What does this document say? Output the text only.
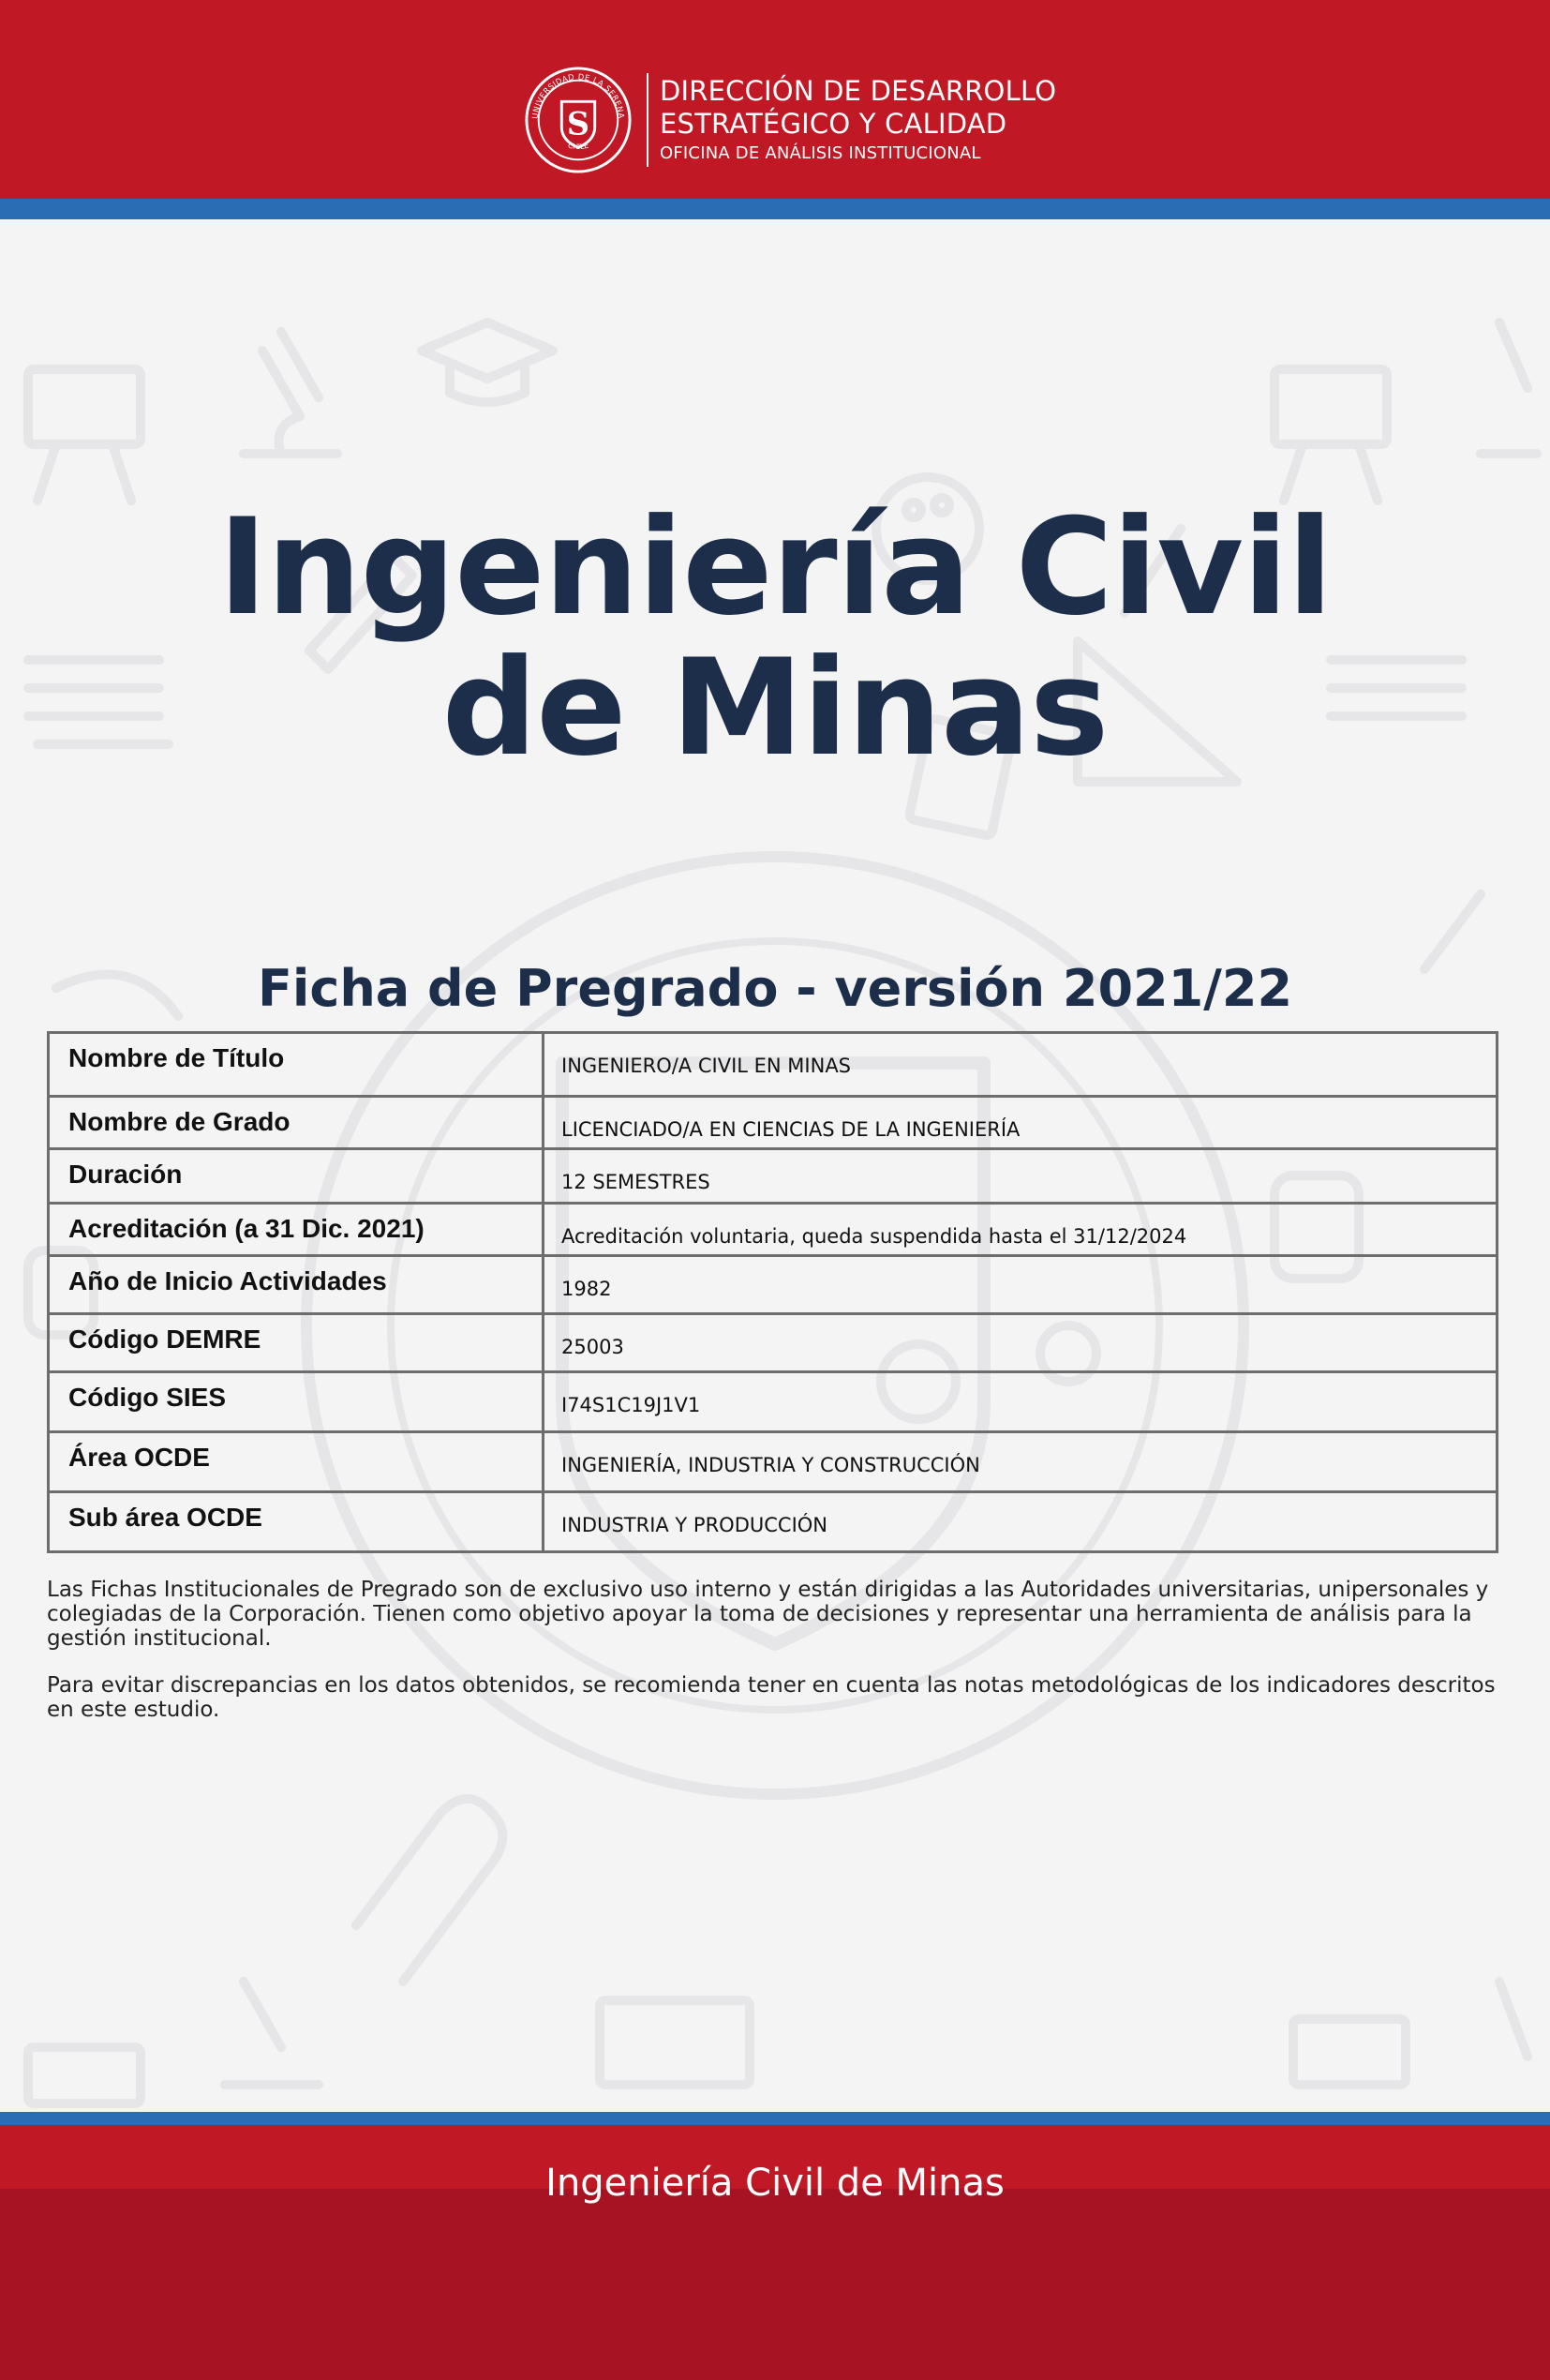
UNIVERSIDAD DE LA SERENA
CHILE
S
DIRECCIÓN DE DESARROLLO
ESTRATÉGICO Y CALIDAD
OFICINA DE ANÁLISIS INSTITUCIONAL
Ingeniería Civil
de Minas
Ficha de Pregrado - versión 2021/22
Nombre de Título	INGENIERO/A CIVIL EN MINAS
Nombre de Grado	LICENCIADO/A EN CIENCIAS DE LA INGENIERÍA
Duración	12 SEMESTRES
Acreditación (a 31 Dic. 2021)	Acreditación voluntaria, queda suspendida hasta el 31/12/2024
Año de Inicio Actividades	1982
Código DEMRE	25003
Código SIES	I74S1C19J1V1
Área OCDE	INGENIERÍA, INDUSTRIA Y CONSTRUCCIÓN
Sub área OCDE	INDUSTRIA Y PRODUCCIÓN

Las Fichas Institucionales de Pregrado son de exclusivo uso interno y están dirigidas a las Autoridades universitarias, unipersonales y colegiadas de la Corporación. Tienen como objetivo apoyar la toma de decisiones y representar una herramienta de análisis para la gestión institucional.

Para evitar discrepancias en los datos obtenidos, se recomienda tener en cuenta las notas metodológicas de los indicadores descritos en este estudio.

Ingeniería Civil de Minas
